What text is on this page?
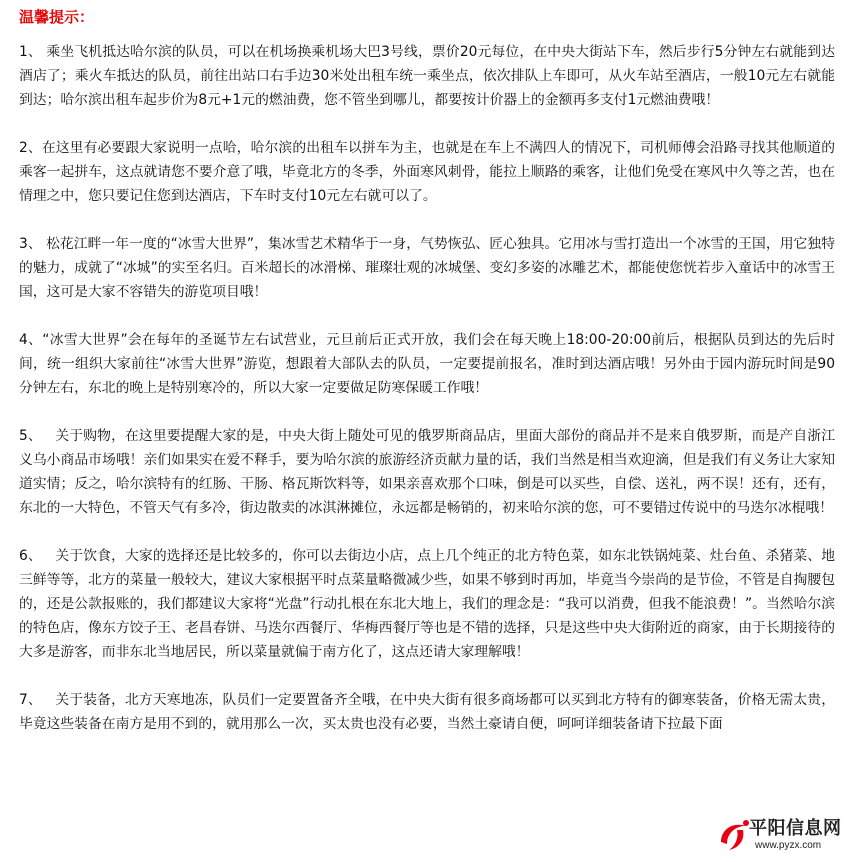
温馨提示：

1、 乘坐飞机抵达哈尔滨的队员，可以在机场换乘机场大巴3号线，票价20元每位，在中央大街站下车，然后步行5分钟左右就能到达酒店了；乘火车抵达的队员，前往出站口右手边30米处出租车统一乘坐点，依次排队上车即可，从火车站至酒店，一般10元左右就能到达；哈尔滨出租车起步价为8元+1元的燃油费，您不管坐到哪儿，都要按计价器上的金额再多支付1元燃油费哦！

2、在这里有必要跟大家说明一点哈，哈尔滨的出租车以拼车为主，也就是在车上不满四人的情况下，司机师傅会沿路寻找其他顺道的乘客一起拼车，这点就请您不要介意了哦，毕竟北方的冬季，外面寒风刺骨，能拉上顺路的乘客，让他们免受在寒风中久等之苦，也在情理之中，您只要记住您到达酒店，下车时支付10元左右就可以了。

3、 松花江畔一年一度的“冰雪大世界”，集冰雪艺术精华于一身，气势恢弘、匠心独具。它用冰与雪打造出一个冰雪的王国，用它独特的魅力，成就了“冰城”的实至名归。百米超长的冰滑梯、璀璨壮观的冰城堡、变幻多姿的冰雕艺术，都能使您恍若步入童话中的冰雪王国，这可是大家不容错失的游览项目哦！

4、“冰雪大世界”会在每年的圣诞节左右试营业，元旦前后正式开放，我们会在每天晚上18:00-20:00前后，根据队员到达的先后时间，统一组织大家前往“冰雪大世界”游览，想跟着大部队去的队员，一定要提前报名，准时到达酒店哦！另外由于园内游玩时间是90分钟左右，东北的晚上是特别寒冷的，所以大家一定要做足防寒保暖工作哦！

5、   关于购物，在这里要提醒大家的是，中央大街上随处可见的俄罗斯商品店，里面大部份的商品并不是来自俄罗斯，而是产自浙江义乌小商品市场哦！亲们如果实在爱不释手，要为哈尔滨的旅游经济贡献力量的话，我们当然是相当欢迎滴，但是我们有义务让大家知道实情；反之，哈尔滨特有的红肠、干肠、格瓦斯饮料等，如果亲喜欢那个口味，倒是可以买些，自偿、送礼，两不误！还有，还有，东北的一大特色，不管天气有多冷，街边散卖的冰淇淋摊位，永远都是畅销的，初来哈尔滨的您，可不要错过传说中的马迭尔冰棍哦！

6、   关于饮食，大家的选择还是比较多的，你可以去街边小店，点上几个纯正的北方特色菜，如东北铁锅炖菜、灶台鱼、杀猪菜、地三鲜等等，北方的菜量一般较大，建议大家根据平时点菜量略微减少些，如果不够到时再加，毕竟当今崇尚的是节俭，不管是自掏腰包的，还是公款报账的，我们都建议大家将“光盘”行动扎根在东北大地上，我们的理念是：“我可以消费，但我不能浪费！”。当然哈尔滨的特色店，像东方饺子王、老昌春饼、马迭尔西餐厅、华梅西餐厅等也是不错的选择，只是这些中央大街附近的商家，由于长期接待的大多是游客，而非东北当地居民，所以菜量就偏于南方化了，这点还请大家理解哦！

7、   关于装备，北方天寒地冻，队员们一定要置备齐全哦，在中央大街有很多商场都可以买到北方特有的御寒装备，价格无需太贵，毕竟这些装备在南方是用不到的，就用那么一次，买太贵也没有必要，当然土豪请自便，呵呵详细装备请下拉最下面

平阳信息网
www.pyzx.com
